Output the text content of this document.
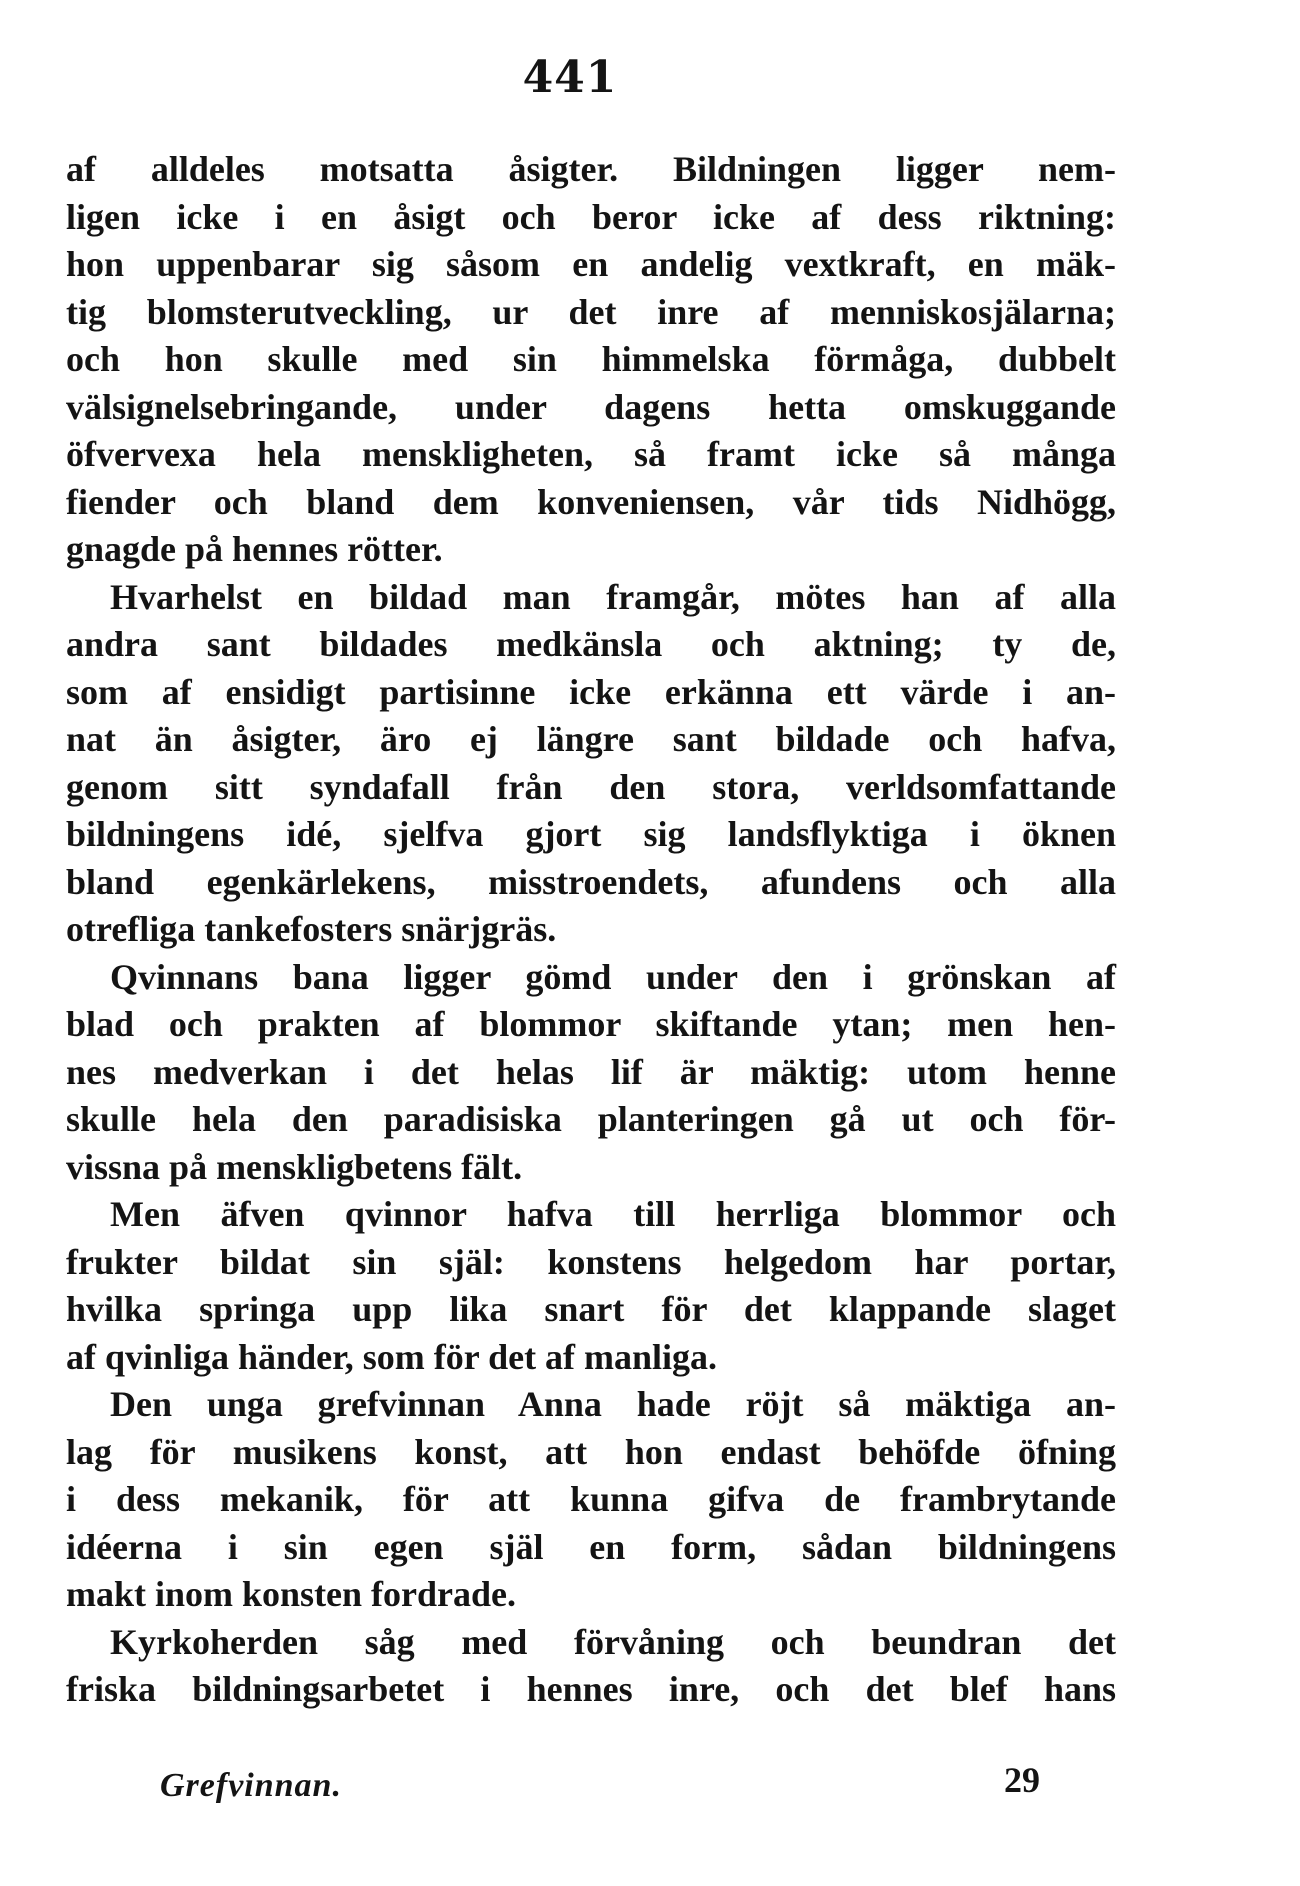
441
af alldeles motsatta åsigter. Bildningen ligger nem-
ligen icke i en åsigt och beror icke af dess riktning:
hon uppenbarar sig såsom en andelig vextkraft, en mäk-
tig blomsterutveckling, ur det inre af menniskosjälarna;
och hon skulle med sin himmelska förmåga, dubbelt
välsignelsebringande, under dagens hetta omskuggande
öfvervexa hela menskligheten, så framt icke så många
fiender och bland dem konveniensen, vår tids Nidhögg,
gnagde på hennes rötter.
Hvarhelst en bildad man framgår, mötes han af alla
andra sant bildades medkänsla och aktning; ty de,
som af ensidigt partisinne icke erkänna ett värde i an-
nat än åsigter, äro ej längre sant bildade och hafva,
genom sitt syndafall från den stora, verldsomfattande
bildningens idé, sjelfva gjort sig landsflyktiga i öknen
bland egenkärlekens, misstroendets, afundens och alla
otrefliga tankefosters snärjgräs.
Qvinnans bana ligger gömd under den i grönskan af
blad och prakten af blommor skiftande ytan; men hen-
nes medverkan i det helas lif är mäktig: utom henne
skulle hela den paradisiska planteringen gå ut och för-
vissna på menskligbetens fält.
Men äfven qvinnor hafva till herrliga blommor och
frukter bildat sin själ: konstens helgedom har portar,
hvilka springa upp lika snart för det klappande slaget
af qvinliga händer, som för det af manliga.
Den unga grefvinnan Anna hade röjt så mäktiga an-
lag för musikens konst, att hon endast behöfde öfning
i dess mekanik, för att kunna gifva de frambrytande
idéerna i sin egen själ en form, sådan bildningens
makt inom konsten fordrade.
Kyrkoherden såg med förvåning och beundran det
friska bildningsarbetet i hennes inre, och det blef hans
Grefvinnan.	29
